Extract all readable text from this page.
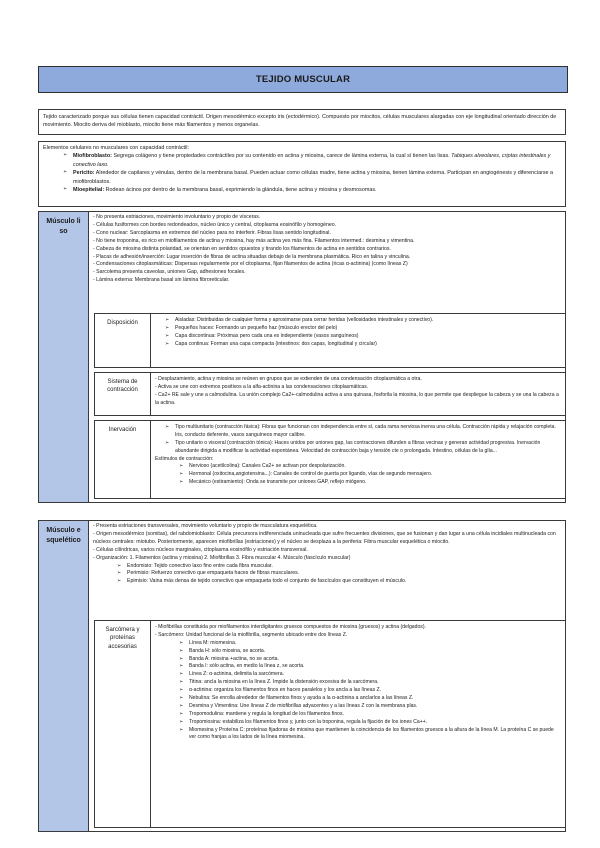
TEJIDO MUSCULAR
Tejido caracterizado porque sus células tienen capacidad contráctil. Origen mesodérmico excepto iris (ectodérmico). Compuesto por miocitos, células musculares alargadas con eje longitudinal orientado dirección de movimiento. Miocito deriva del mioblasto, miocito tiene más filamentos y menos organelas.
Elementos celulares no musculares con capacidad contráctil:
➢ Miofibroblasto: Segrega colágeno y tiene propiedades contráctiles por su contenido en actina y miosina, carece de lámina externa, la cual sí tienen las lisas. Tabiques alveolares, criptas intestinales y conectivo laxo.
➢ Pericito: Alrededor de capilares y vénulas, dentro de la membrana basal. Pueden actuar como células madre, tiene actina y miosina, tienen lámina externa. Participan en angiogénesis y diferenciarse a miofibroblastos.
➢ Mioepitelial: Rodean ácinos por dentro de la membrana basal, exprimiendo la glándula, tiene actina y miosina y desmosomas.
Músculo liso
- No presenta estriaciones, movimiento involuntario y propio de vísceras.
- Células fusiformes con bordes redondeados, núcleo único y central, citoplasma eosinófilo y homogéneo.
- Cono nuclear: Sarcoplasma en extremos del núcleo para no interferir. Fibras lisas sentido longitudinal.
- No tiene troponina, es rico en miofilamentos de actina y miosina, hay más actina yes más fina. Filamentos intermed.: desmina y vimentina.
- Cabeza de miosina distinta polaridad, se orientan en sentidos opuestos y tirando los filamentos de actina en sentidos contrarios.
- Placas de adhesión/inserción: Lugar inserción de fibras de actina situadas debajo de la membrana plasmática. Rico en talina y vinculina.
- Condensaciones citoplasmáticas: Dispersas regularmente por el citoplasma, fijan filamentos de actina (ricas α-actinina) (como líneas Z)
- Sarcolema presenta caveolas, uniones Gap, adhesiones focales.
- Lámina externa: Membrana basal sin lámina fibroreticular.
Disposición	➢ Aisladas: Distribuidas de cualquier forma y aproximarse para cerrar heridas (vellosidades intestinales y conectivo).
➢ Pequeños haces: Formando un pequeño haz (músculo erector del pelo)
➢ Capa discontinua: Próximas pero cada una es independiente (vasos sanguíneos)
➢ Capa continua: Forman una capa compacta (intestinos: dos capas, longitudinal y circular)
Sistema de contracción
- Desplazamiento, actina y miosina se reúnen en grupos que se extienden de una condensación citoplasmática a otra.
- Activa se une con extremos positivos a la alfa-actinina a las condensaciones citoplasmáticas.
- Ca2+ RE sale y une a calmodulina. La unión complejo Ca2+-calmodulina activa a una quinasa, fosforila la miosina, lo que permite que despliegue la cabeza y se una la cabeza a la actina.
Inervación	➢ Tipo multiunitario (contracción fásica): Fibras que funcionan con independencia entre sí, cada rama nerviosa inerva una célula. Contracción rápida y relajación completa. Iris, conducto deferente, vasos sanguíneos mayor calibre.
➢ Tipo unitario o visceral (contracción tónica): Haces unidos por uniones gap, las contracciones difunden a fibras vecinas y generan actividad progresiva. Inervación abundante dirigida a modificar la actividad espontánea. Velocidad de contracción baja y tensión cte o prolongada. Intestino, células de la glía...
Estímulos de contracción:
➢ Nervioso (acetilcolina): Canales Ca2+ se activan por despolarización.
➢ Hormonal (oxitocina,angiotensina...): Canales de control de puerta por ligando, vías de segundo mensajero.
➢ Mecánico (estiramiento): Onda se transmite por uniones GAP, reflejo miógeno.
Músculo esquelético
- Presenta estriaciones transversales, movimiento voluntario y propio de musculatura esquelética.
- Origen mesodérmico (somitas), del rabdomioblasto: Célula precursora indiferenciada uninucleada que sufre frecuentes divisiones, que se fusionan y dan lugar a una célula incidiales multinucleada con núcleos centrales: miotubo. Posteriormente, aparecen miofibrillas (estriaciones) y el núcleo se desplaza a la periferia: Fibra muscular esquelética o miocito.
- Células cilíndricas, varios núcleos marginales, citoplasma eosinófilo y estriación transversal.
- Organización: 1. Filamentos (actina y miosina) 2. Miofibrillas 3. Fibra muscular 4. Músculo (fascículo muscular)
➢ Endomisio: Tejido conectivo laxo fino entre cada fibra muscular.
➢ Perimisio: Refuerzo conectivo que empaqueta haces de fibras musculares.
➢ Epimisio: Vaina más densa de tejido conectivo que empaqueta todo el conjunto de fascículos que constituyen el músculo.
Sarcómera y proteínas accesorias
- Miofibrillas constituida por miofilamentos interdigitantes gruesos compuestos de miosina (gruesos) y actina (delgados).
- Sarcómero: Unidad funcional de la miofibrilla, segmento ubicado entre dos líneas Z.
➢ Línea M: miomesina.
➢ Banda H: sólo miosina, se acorta.
➢ Banda A: miosina +actina, no se acorta.
➢ Banda I: sólo actina, en medio la línea z, se acorta.
➢ Línea Z: α-actinina, delimita la sarcómera.
➢ Titina: ancla la miosina en la línea Z. Impide la distensión excesiva de la sarcómera.
➢ α-actinina: organiza los filamentos finos en haces paralelos y los ancla a las líneas Z.
➢ Nebulina: Se enrolla alrededor de filamentos finos y ayuda a la α-actinina a anclarlos a las líneas Z.
➢ Desmina y Vimentina: Une líneas Z de miofibrillas adyacentes y a las líneas Z con la membrana plas.
➢ Tropomodulina: mantiene y regula la longitud de los filamentos finos.
➢ Tropomiosina: estabiliza los filamentos finos y, junto con la troponina, regula la fijación de los iones Ca++.
➢ Miomesina y Proteína C: proteínas fijadoras de miosina que mantienen la coincidencia de los filamentos gruesos a la altura de la línea M. La proteína C se puede ver como franjas a los lados de la línea miomesina.
